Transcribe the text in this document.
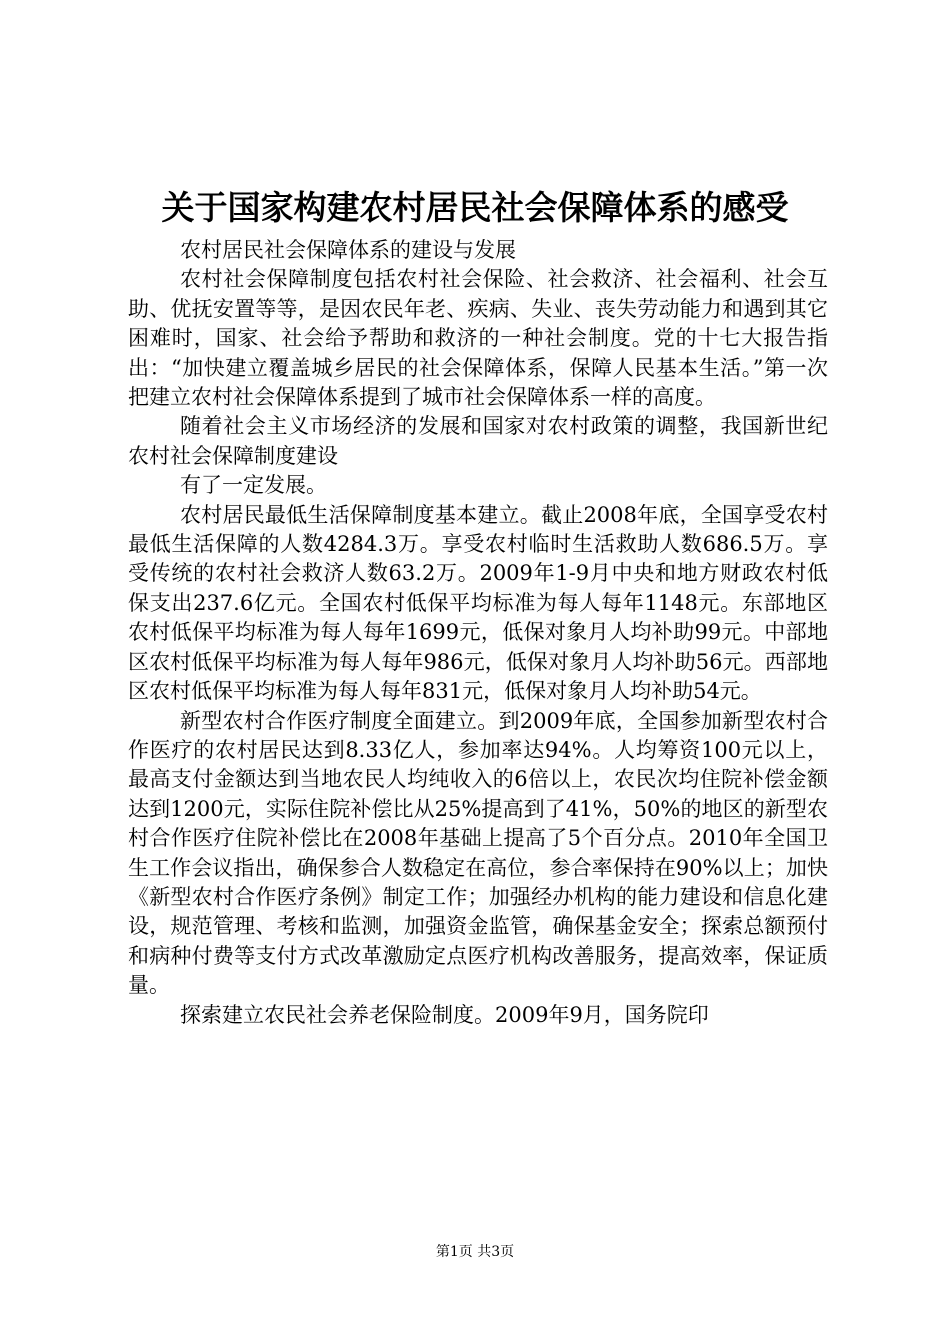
关于国家构建农村居民社会保障体系的感受

农村居民社会保障体系的建设与发展

农村社会保障制度包括农村社会保险、社会救济、社会福利、社会互助、优抚安置等等，是因农民年老、疾病、失业、丧失劳动能力和遇到其它困难时，国家、社会给予帮助和救济的一种社会制度。党的十七大报告指出：“加快建立覆盖城乡居民的社会保障体系，保障人民基本生活。”第一次把建立农村社会保障体系提到了城市社会保障体系一样的高度。

随着社会主义市场经济的发展和国家对农村政策的调整，我国新世纪农村社会保障制度建设

有了一定发展。

农村居民最低生活保障制度基本建立。截止2008年底，全国享受农村最低生活保障的人数4284.3万。享受农村临时生活救助人数686.5万。享受传统的农村社会救济人数63.2万。2009年1-9月中央和地方财政农村低保支出237.6亿元。全国农村低保平均标准为每人每年1148元。东部地区农村低保平均标准为每人每年1699元，低保对象月人均补助99元。中部地区农村低保平均标准为每人每年986元，低保对象月人均补助56元。西部地区农村低保平均标准为每人每年831元，低保对象月人均补助54元。

新型农村合作医疗制度全面建立。到2009年底，全国参加新型农村合作医疗的农村居民达到8.33亿人，参加率达94%。人均筹资100元以上，最高支付金额达到当地农民人均纯收入的6倍以上，农民次均住院补偿金额达到1200元，实际住院补偿比从25%提高到了41%，50%的地区的新型农村合作医疗住院补偿比在2008年基础上提高了5个百分点。2010年全国卫生工作会议指出，确保参合人数稳定在高位，参合率保持在90%以上；加快《新型农村合作医疗条例》制定工作；加强经办机构的能力建设和信息化建设，规范管理、考核和监测，加强资金监管，确保基金安全；探索总额预付和病种付费等支付方式改革激励定点医疗机构改善服务，提高效率，保证质量。

探索建立农民社会养老保险制度。2009年9月，国务院印

第1页 共3页
